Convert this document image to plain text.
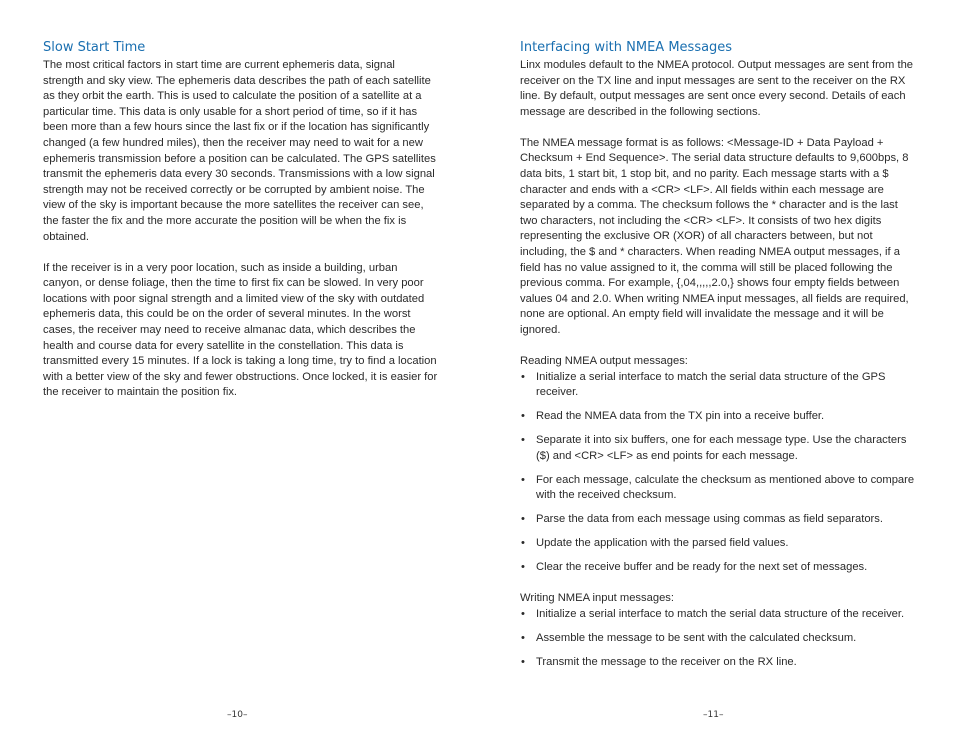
Slow Start Time

The most critical factors in start time are current ephemeris data, signal strength and sky view. The ephemeris data describes the path of each satellite as they orbit the earth. This is used to calculate the position of a satellite at a particular time. This data is only usable for a short period of time, so if it has been more than a few hours since the last fix or if the location has significantly changed (a few hundred miles), then the receiver may need to wait for a new ephemeris transmission before a position can be calculated. The GPS satellites transmit the ephemeris data every 30 seconds. Transmissions with a low signal strength may not be received correctly or be corrupted by ambient noise. The view of the sky is important because the more satellites the receiver can see, the faster the fix and the more accurate the position will be when the fix is obtained.

If the receiver is in a very poor location, such as inside a building, urban canyon, or dense foliage, then the time to first fix can be slowed. In very poor locations with poor signal strength and a limited view of the sky with outdated ephemeris data, this could be on the order of several minutes. In the worst cases, the receiver may need to receive almanac data, which describes the health and course data for every satellite in the constellation. This data is transmitted every 15 minutes. If a lock is taking a long time, try to find a location with a better view of the sky and fewer obstructions. Once locked, it is easier for the receiver to maintain the position fix.

–10–
Interfacing with NMEA Messages

Linx modules default to the NMEA protocol. Output messages are sent from the receiver on the TX line and input messages are sent to the receiver on the RX line. By default, output messages are sent once every second. Details of each message are described in the following sections.

The NMEA message format is as follows: <Message-ID + Data Payload + Checksum + End Sequence>. The serial data structure defaults to 9,600bps, 8 data bits, 1 start bit, 1 stop bit, and no parity. Each message starts with a $ character and ends with a <CR> <LF>. All fields within each message are separated by a comma. The checksum follows the * character and is the last two characters, not including the <CR> <LF>. It consists of two hex digits representing the exclusive OR (XOR) of all characters between, but not including, the $ and * characters. When reading NMEA output messages, if a field has no value assigned to it, the comma will still be placed following the previous comma. For example, {,04,,,,,2.0,} shows four empty fields between values 04 and 2.0. When writing NMEA input messages, all fields are required, none are optional. An empty field will invalidate the message and it will be ignored.

Reading NMEA output messages:

• Initialize a serial interface to match the serial data structure of the GPS receiver.
• Read the NMEA data from the TX pin into a receive buffer.
• Separate it into six buffers, one for each message type. Use the characters ($) and <CR> <LF> as end points for each message.
• For each message, calculate the checksum as mentioned above to compare with the received checksum.
• Parse the data from each message using commas as field separators.
• Update the application with the parsed field values.
• Clear the receive buffer and be ready for the next set of messages.

Writing NMEA input messages:

• Initialize a serial interface to match the serial data structure of the receiver.
• Assemble the message to be sent with the calculated checksum.
• Transmit the message to the receiver on the RX line.
–11–
